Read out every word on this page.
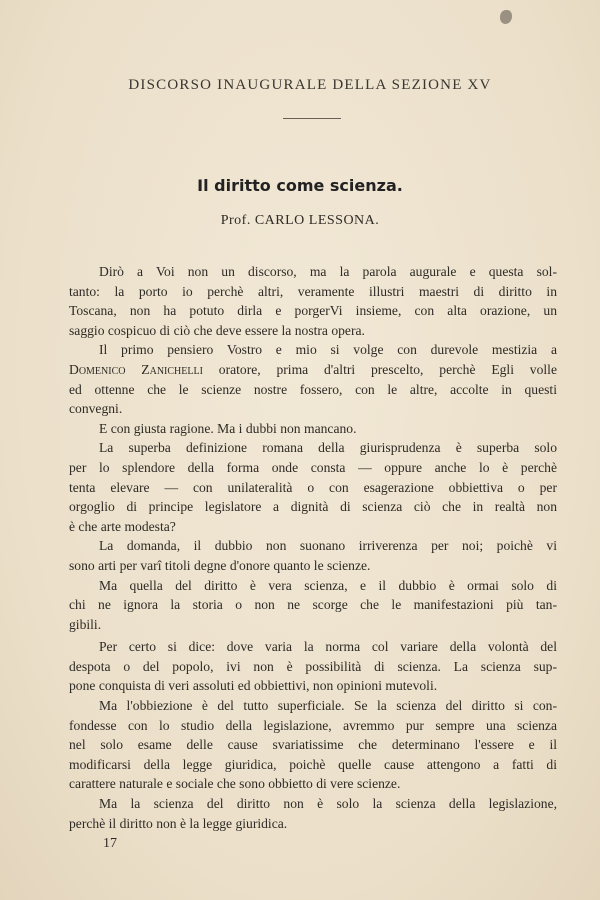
DISCORSO INAUGURALE DELLA SEZIONE XV
Il diritto come scienza.
Prof. CARLO LESSONA.
Dirò a Voi non un discorso, ma la parola augurale e questa sol-
tanto: la porto io perchè altri, veramente illustri maestri di diritto in
Toscana, non ha potuto dirla e porgerVi insieme, con alta orazione, un
saggio cospicuo di ciò che deve essere la nostra opera.
Il primo pensiero Vostro e mio si volge con durevole mestizia a
Domenico Zanichelli oratore, prima d'altri prescelto, perchè Egli volle
ed ottenne che le scienze nostre fossero, con le altre, accolte in questi
convegni.
E con giusta ragione. Ma i dubbi non mancano.
La superba definizione romana della giurisprudenza è superba solo
per lo splendore della forma onde consta — oppure anche lo è perchè
tenta elevare — con unilateralità o con esagerazione obbiettiva o per
orgoglio di principe legislatore a dignità di scienza ciò che in realtà non
è che arte modesta?
La domanda, il dubbio non suonano irriverenza per noi; poichè vi
sono arti per varî titoli degne d'onore quanto le scienze.
Ma quella del diritto è vera scienza, e il dubbio è ormai solo di
chi ne ignora la storia o non ne scorge che le manifestazioni più tan-
gibili.
Per certo si dice: dove varia la norma col variare della volontà del
despota o del popolo, ivi non è possibilità di scienza. La scienza sup-
pone conquista di veri assoluti ed obbiettivi, non opinioni mutevoli.
Ma l'obbiezione è del tutto superficiale. Se la scienza del diritto si con-
fondesse con lo studio della legislazione, avremmo pur sempre una scienza
nel solo esame delle cause svariatissime che determinano l'essere e il
modificarsi della legge giuridica, poichè quelle cause attengono a fatti di
carattere naturale e sociale che sono obbietto di vere scienze.
Ma la scienza del diritto non è solo la scienza della legislazione,
perchè il diritto non è la legge giuridica.
17
